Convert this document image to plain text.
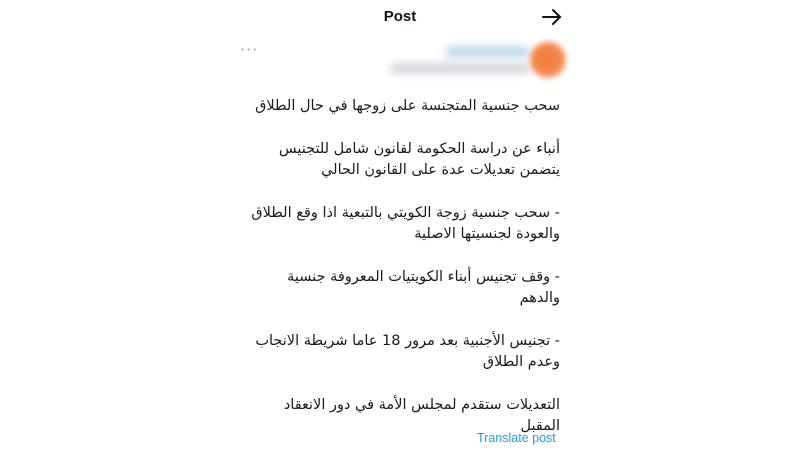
Post
···
سحب جنسية المتجنسة على زوجها في حال الطلاق
أنباء عن دراسة الحكومة لقانون شامل للتجنيس
يتضمن تعديلات عدة على القانون الحالي
- سحب جنسية زوجة الكويتي بالتبعية اذا وقع الطلاق
والعودة لجنسيتها الاصلية
- وقف تجنيس أبناء الكويتيات المعروفة جنسية
والدهم
- تجنيس الأجنبية بعد مرور 18 عاما شريطة الانجاب
وعدم الطلاق
التعديلات ستقدم لمجلس الأمة في دور الانعقاد
المقبل
Translate post
